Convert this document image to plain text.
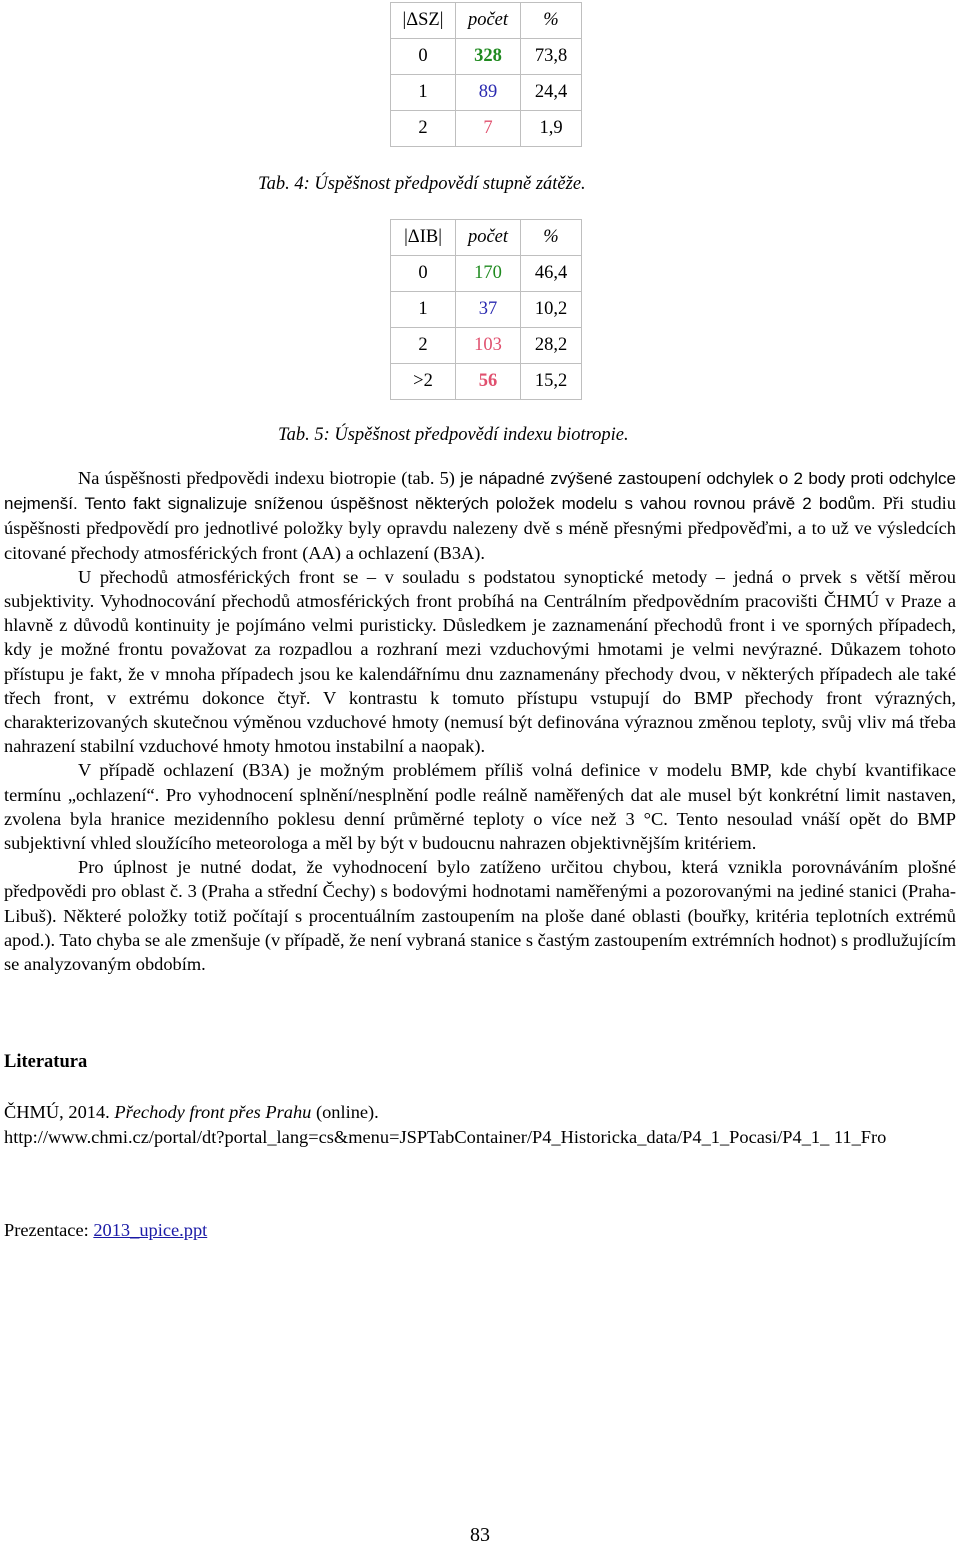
|ΔSZ|	počet	%
0	328	73,8
1	89	24,4
2	7	1,9
Tab. 4: Úspěšnost předpovědí stupně zátěže.
|ΔIB|	počet	%
0	170	46,4
1	37	10,2
2	103	28,2
>2	56	15,2
Tab. 5: Úspěšnost předpovědí indexu biotropie.

Na úspěšnosti předpovědi indexu biotropie (tab. 5) je nápadné zvýšené zastoupení odchylek o 2 body proti odchylce nejmenší. Tento fakt signalizuje sníženou úspěšnost některých položek modelu s vahou rovnou právě 2 bodům. Při studiu úspěšnosti předpovědí pro jednotlivé položky byly opravdu nalezeny dvě s méně přesnými předpověďmi, a to už ve výsledcích citované přechody atmosférických front (AA) a ochlazení (B3A).

U přechodů atmosférických front se – v souladu s podstatou synoptické metody – jedná o prvek s větší měrou subjektivity. Vyhodnocování přechodů atmosférických front probíhá na Centrálním předpovědním pracovišti ČHMÚ v Praze a hlavně z důvodů kontinuity je pojímáno velmi puristicky. Důsledkem je zaznamenání přechodů front i ve sporných případech, kdy je možné frontu považovat za rozpadlou a rozhraní mezi vzduchovými hmotami je velmi nevýrazné. Důkazem tohoto přístupu je fakt, že v mnoha případech jsou ke kalendářnímu dnu zaznamenány přechody dvou, v některých případech ale také třech front, v extrému dokonce čtyř. V kontrastu k tomuto přístupu vstupují do BMP přechody front výrazných, charakterizovaných skutečnou výměnou vzduchové hmoty (nemusí být definována výraznou změnou teploty, svůj vliv má třeba nahrazení stabilní vzduchové hmoty hmotou instabilní a naopak).

V případě ochlazení (B3A) je možným problémem příliš volná definice v modelu BMP, kde chybí kvantifikace termínu „ochlazení“. Pro vyhodnocení splnění/nesplnění podle reálně naměřených dat ale musel být konkrétní limit nastaven, zvolena byla hranice mezidenního poklesu denní průměrné teploty o více než 3 °C. Tento nesoulad vnáší opět do BMP subjektivní vhled sloužícího meteorologa a měl by být v budoucnu nahrazen objektivnějším kritériem.

Pro úplnost je nutné dodat, že vyhodnocení bylo zatíženo určitou chybou, která vznikla porovnáváním plošné předpovědi pro oblast č. 3 (Praha a střední Čechy) s bodovými hodnotami naměřenými a pozorovanými na jediné stanici (Praha-Libuš). Některé položky totiž počítají s procentuálním zastoupením na ploše dané oblasti (bouřky, kritéria teplotních extrémů apod.). Tato chyba se ale zmenšuje (v případě, že není vybraná stanice s častým zastoupením extrémních hodnot) s prodlužujícím se analyzovaným obdobím.

Literatura
ČHMÚ, 2014. Přechody front přes Prahu (online).
http://www.chmi.cz/portal/dt?portal_lang=cs&menu=JSPTabContainer/P4_Historicka_data/P4_1_Pocasi/P4_1_ 11_Fro
Prezentace: 2013_upice.ppt
83
